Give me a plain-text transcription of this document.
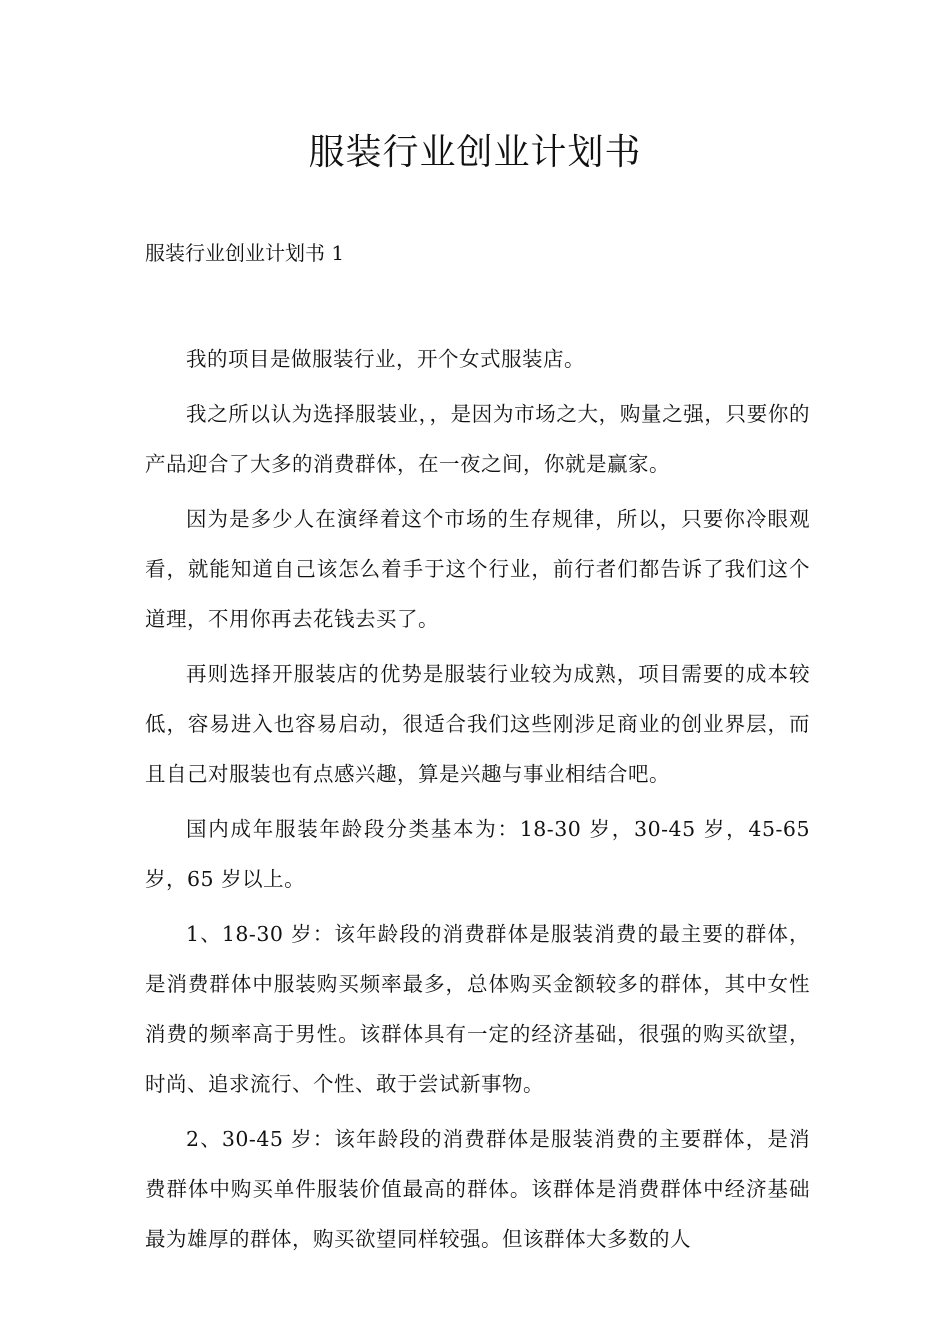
服装行业创业计划书

服装行业创业计划书 1

我的项目是做服装行业，开个女式服装店。

我之所以认为选择服装业，，是因为市场之大，购量之强，只要你的产品迎合了大多的消费群体，在一夜之间，你就是赢家。

因为是多少人在演绎着这个市场的生存规律，所以，只要你冷眼观看，就能知道自己该怎么着手于这个行业，前行者们都告诉了我们这个道理，不用你再去花钱去买了。

再则选择开服装店的优势是服装行业较为成熟，项目需要的成本较低，容易进入也容易启动，很适合我们这些刚涉足商业的创业界层，而且自己对服装也有点感兴趣，算是兴趣与事业相结合吧。

国内成年服装年龄段分类基本为：18-30 岁，30-45 岁，45-65 岁，65 岁以上。

1、18-30 岁：该年龄段的消费群体是服装消费的最主要的群体，是消费群体中服装购买频率最多，总体购买金额较多的群体，其中女性消费的频率高于男性。该群体具有一定的经济基础，很强的购买欲望，时尚、追求流行、个性、敢于尝试新事物。

2、30-45 岁：该年龄段的消费群体是服装消费的主要群体，是消费群体中购买单件服装价值最高的群体。该群体是消费群体中经济基础最为雄厚的群体，购买欲望同样较强。但该群体大多数的人
